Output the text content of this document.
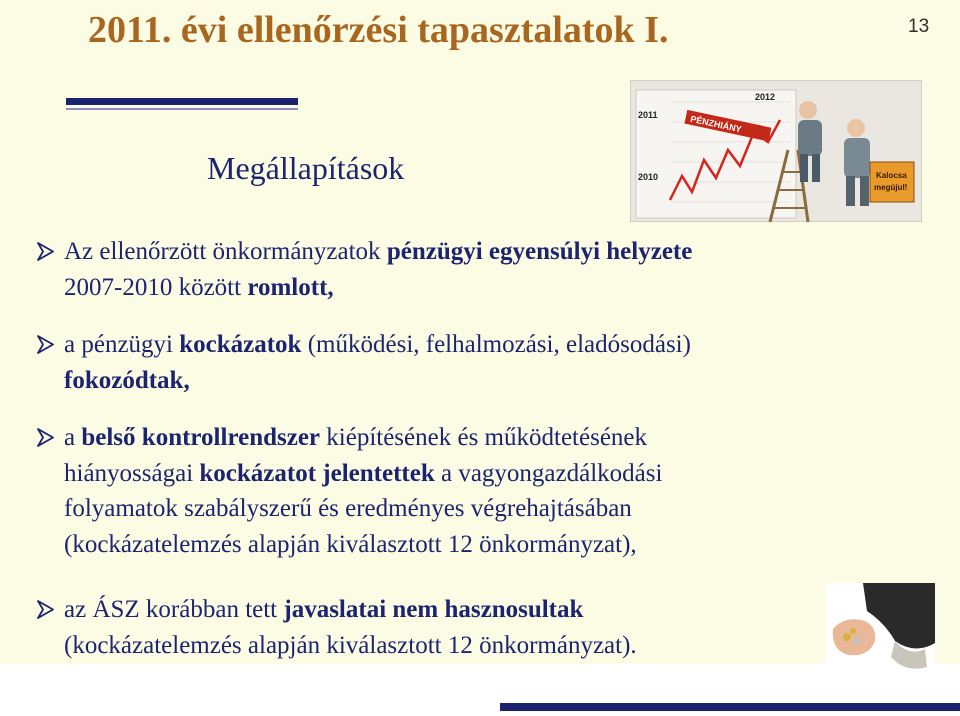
2011. évi ellenőrzési tapasztalatok I.	13
Megállapítások
2011
2010
2012
PÉNZHIÁNY
Kalocsa
megújul!
Az ellenőrzött önkormányzatok pénzügyi egyensúlyi helyzete
2007-2010 között romlott,
a pénzügyi kockázatok (működési, felhalmozási, eladósodási)
fokozódtak,
a belső kontrollrendszer kiépítésének és működtetésének
hiányosságai kockázatot jelentettek a vagyongazdálkodási
folyamatok szabályszerű és eredményes végrehajtásában
(kockázatelemzés alapján kiválasztott 12 önkormányzat),
az ÁSZ korábban tett javaslatai nem hasznosultak
(kockázatelemzés alapján kiválasztott 12 önkormányzat).
